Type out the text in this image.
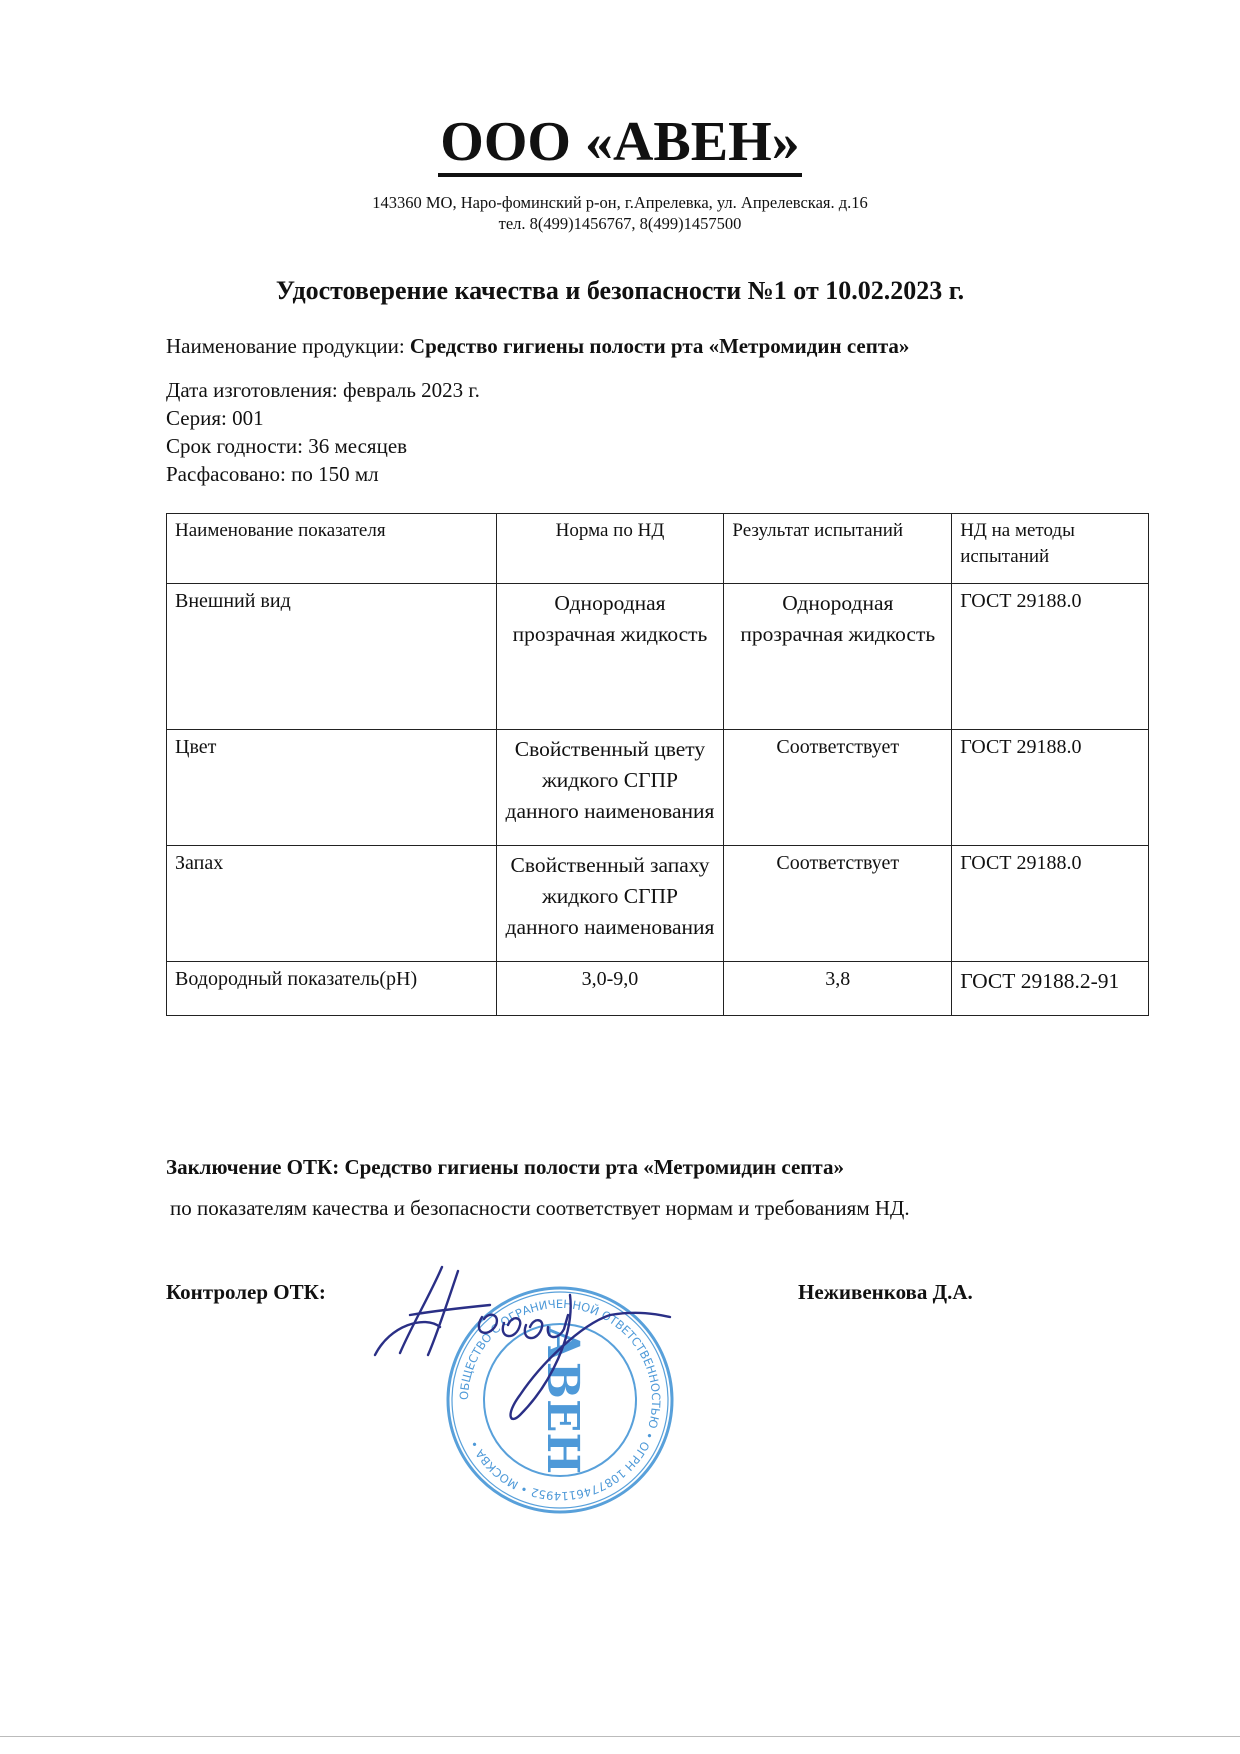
ООО «АВЕН»
143360 МО, Наро-фоминский р-он, г.Апрелевка, ул. Апрелевская. д.16
тел. 8(499)1456767, 8(499)1457500
Удостоверение качества и безопасности №1 от 10.02.2023 г.
Наименование продукции: Средство гигиены полости рта «Метромидин септа»
Дата изготовления: февраль 2023 г.
Серия: 001
Срок годности: 36 месяцев
Расфасовано: по 150 мл
Наименование показателя	Норма по НД	Результат испытаний	НД на методы испытаний
Внешний вид	Однородная прозрачная жидкость	Однородная прозрачная жидкость	ГОСТ 29188.0
Цвет	Свойственный цвету жидкого СГПР данного наименования	Соответствует	ГОСТ 29188.0
Запах	Свойственный запаху жидкого СГПР данного наименования	Соответствует	ГОСТ 29188.0
Водородный показатель(pH)	3,0-9,0	3,8	ГОСТ 29188.2-91
Заключение ОТК: Средство гигиены полости рта «Метромидин септа»
по показателям качества и безопасности соответствует нормам и требованиям НД.
Контролер ОТК:	Неживенкова Д.А.
ОБЩЕСТВО С ОГРАНИЧЕННОЙ ОТВЕТСТВЕННОСТЬЮ • ОГРН 1087746114952 • МОСКВА •	АВЕН
